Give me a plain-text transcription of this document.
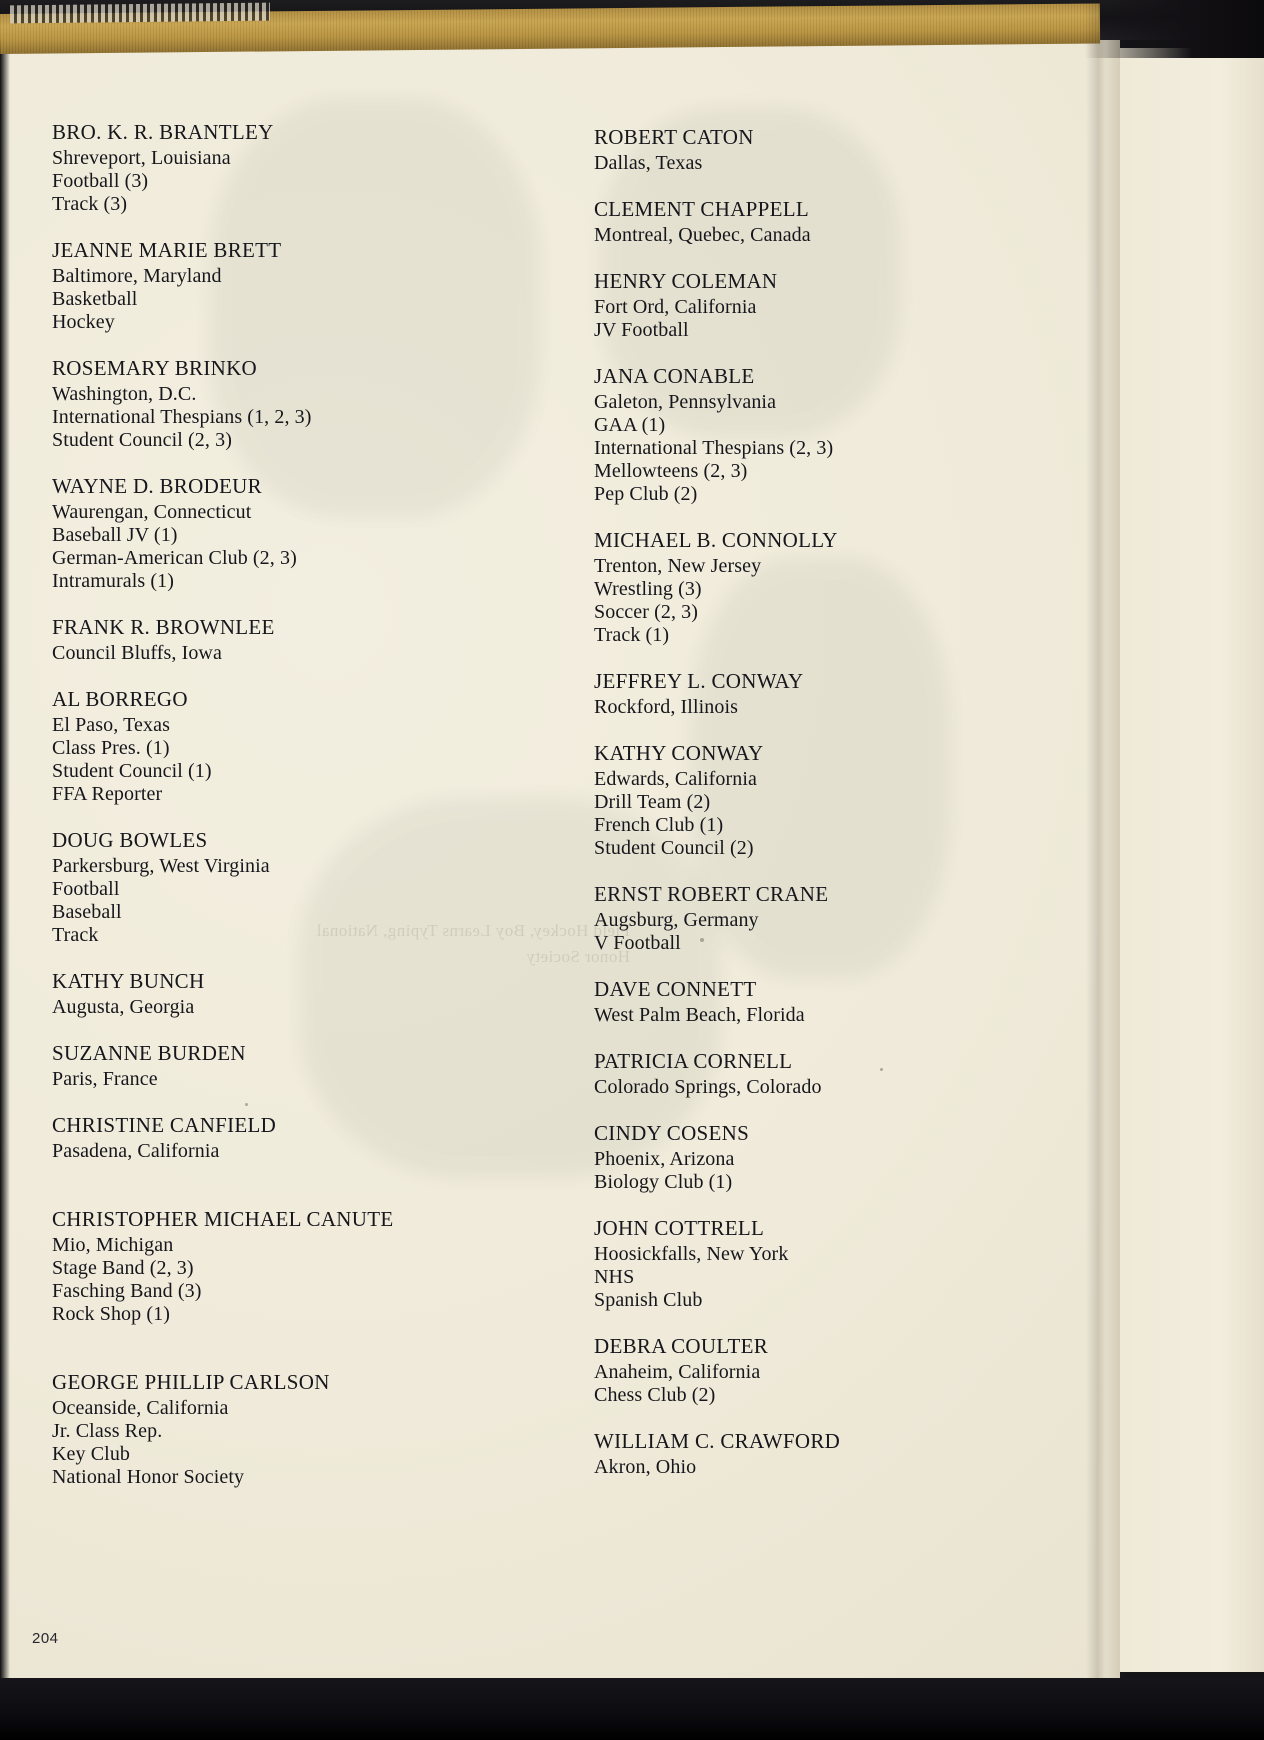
Field Hockey, Boy Learns Typing, National Honor Society
BRO. K. R. BRANTLEY
Shreveport, Louisiana
Football (3)
Track (3)
JEANNE MARIE BRETT
Baltimore, Maryland
Basketball
Hockey
ROSEMARY BRINKO
Washington, D.C.
International Thespians (1, 2, 3)
Student Council (2, 3)
WAYNE D. BRODEUR
Waurengan, Connecticut
Baseball JV (1)
German-American Club (2, 3)
Intramurals (1)
FRANK R. BROWNLEE
Council Bluffs, Iowa
AL BORREGO
El Paso, Texas
Class Pres. (1)
Student Council (1)
FFA Reporter
DOUG BOWLES
Parkersburg, West Virginia
Football
Baseball
Track
KATHY BUNCH
Augusta, Georgia
SUZANNE BURDEN
Paris, France
CHRISTINE CANFIELD
Pasadena, California
CHRISTOPHER MICHAEL CANUTE
Mio, Michigan
Stage Band (2, 3)
Fasching Band (3)
Rock Shop (1)
GEORGE PHILLIP CARLSON
Oceanside, California
Jr. Class Rep.
Key Club
National Honor Society
ROBERT CATON
Dallas, Texas
CLEMENT CHAPPELL
Montreal, Quebec, Canada
HENRY COLEMAN
Fort Ord, California
JV Football
JANA CONABLE
Galeton, Pennsylvania
GAA (1)
International Thespians (2, 3)
Mellowteens (2, 3)
Pep Club (2)
MICHAEL B. CONNOLLY
Trenton, New Jersey
Wrestling (3)
Soccer (2, 3)
Track (1)
JEFFREY L. CONWAY
Rockford, Illinois
KATHY CONWAY
Edwards, California
Drill Team (2)
French Club (1)
Student Council (2)
ERNST ROBERT CRANE
Augsburg, Germany
V Football
DAVE CONNETT
West Palm Beach, Florida
PATRICIA CORNELL
Colorado Springs, Colorado
CINDY COSENS
Phoenix, Arizona
Biology Club (1)
JOHN COTTRELL
Hoosickfalls, New York
NHS
Spanish Club
DEBRA COULTER
Anaheim, California
Chess Club (2)
WILLIAM C. CRAWFORD
Akron, Ohio
204
